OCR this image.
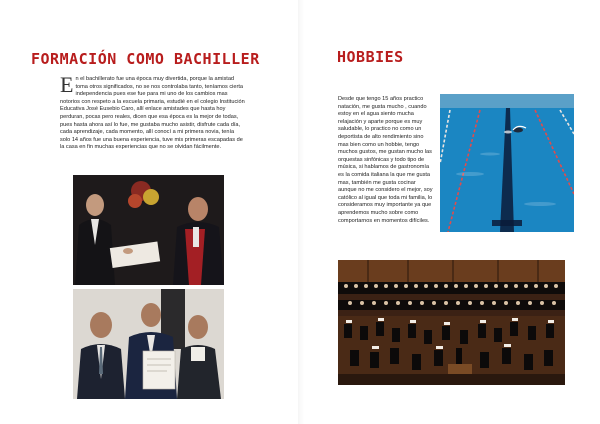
FORMACIÓN COMO BACHILLER

En el bachillerato fue una época muy divertida, porque la amistad toma otros significados, no se nos controlaba tanto, teníamos cierta independencia pues ese fue para mi uno de los cambios mas notorios con respeto a la escuela primaria, estudié en el colegio Institución Educativa José Eusebio Caro, allí enlace amistades que hasta hoy perduran, pocas pero reales, dicen que esa época es la mejor de todas, pues hasta ahora así lo fue, me gustaba mucho asistir, disfrute cada día, cada aprendizaje, cada momento, allí conocí a mi primera novia, tenía solo 14 años fue una buena experiencia, tuve mis primeras escapadas de la casa en fin muchas experiencias que no se olvidan fácilmente.

HOBBIES

Desde que tengo 15 años practico natación, me gusta mucho , cuando estoy en el agua siento mucha relajación y aparte porque es muy saludable, lo practico no como un deportista de alto rendimiento sino mas bien como un hobbie, tengo muchos gustos, me gustan mucho las orquestas sinfónicas y todo tipo de música, si hablamos de gastronomía es la comida italiana la que me gusta mas, también me gusta cocinar aunque no me considero el mejor, soy católico al igual que toda mi familia, lo consideramos muy importante ya que aprendemos mucho sobre como comportarnos en momentos difíciles.
